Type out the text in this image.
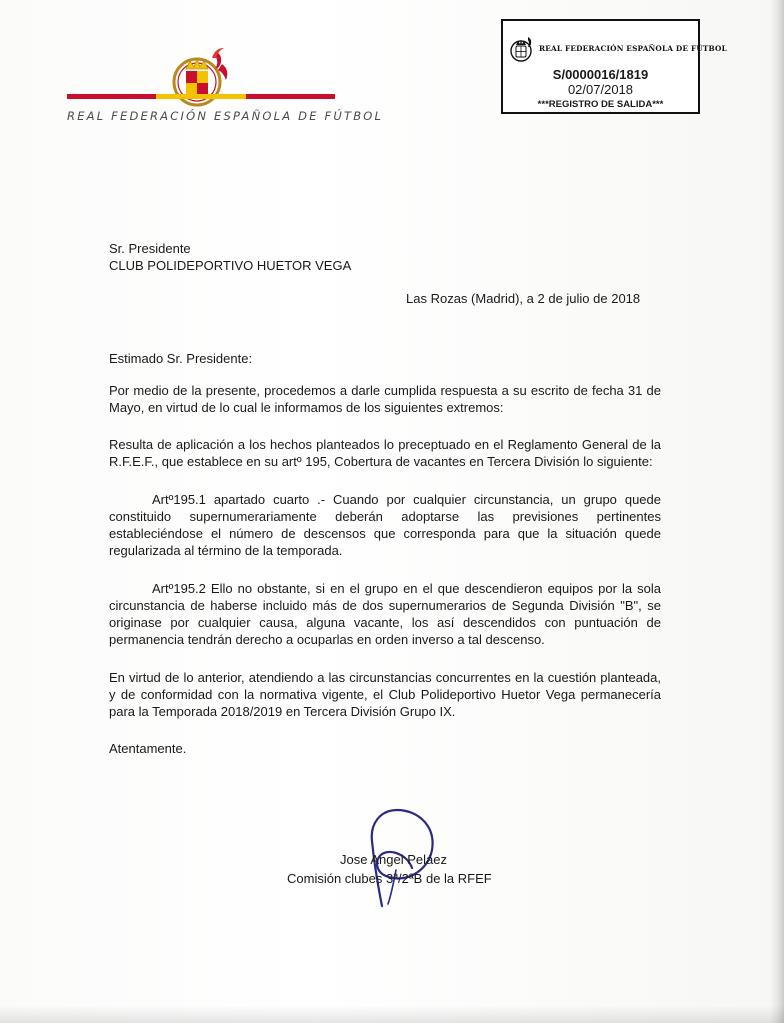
REAL FEDERACIÓN ESPAÑOLA DE FÚTBOL
REAL FEDERACIÓN ESPAÑOLA DE FÚTBOL
S/0000016/1819
02/07/2018
***REGISTRO DE SALIDA***
Sr. Presidente
CLUB POLIDEPORTIVO HUETOR VEGA
Las Rozas (Madrid), a 2 de julio de 2018
Estimado Sr. Presidente:
Por medio de la presente, procedemos a darle cumplida respuesta a su escrito de fecha 31 de
Mayo, en virtud de lo cual le informamos de los siguientes extremos:
Resulta de aplicación a los hechos planteados lo preceptuado en el Reglamento General de la
R.F.E.F., que establece en su artº 195, Cobertura de vacantes en Tercera División lo siguiente:
Artº195.1 apartado cuarto .- Cuando por cualquier circunstancia, un grupo quede
constituido supernumerariamente deberán adoptarse las previsiones pertinentes
estableciéndose el número de descensos que corresponda para que la situación quede
regularizada al término de la temporada.
Artº195.2 Ello no obstante, si en el grupo en el que descendieron equipos por la sola
circunstancia de haberse incluido más de dos supernumerarios de Segunda División "B", se
originase por cualquier causa, alguna vacante, los así descendidos con puntuación de
permanencia tendrán derecho a ocuparlas en orden inverso a tal descenso.
En virtud de lo anterior, atendiendo a las circunstancias concurrentes en la cuestión planteada,
y de conformidad con la normativa vigente, el Club Polideportivo Huetor Vega permanecería
para la Temporada 2018/2019 en Tercera División Grupo IX.
Atentamente.
Jose Angel Peláez
Comisión clubes 3ª/2ªB de la RFEF
